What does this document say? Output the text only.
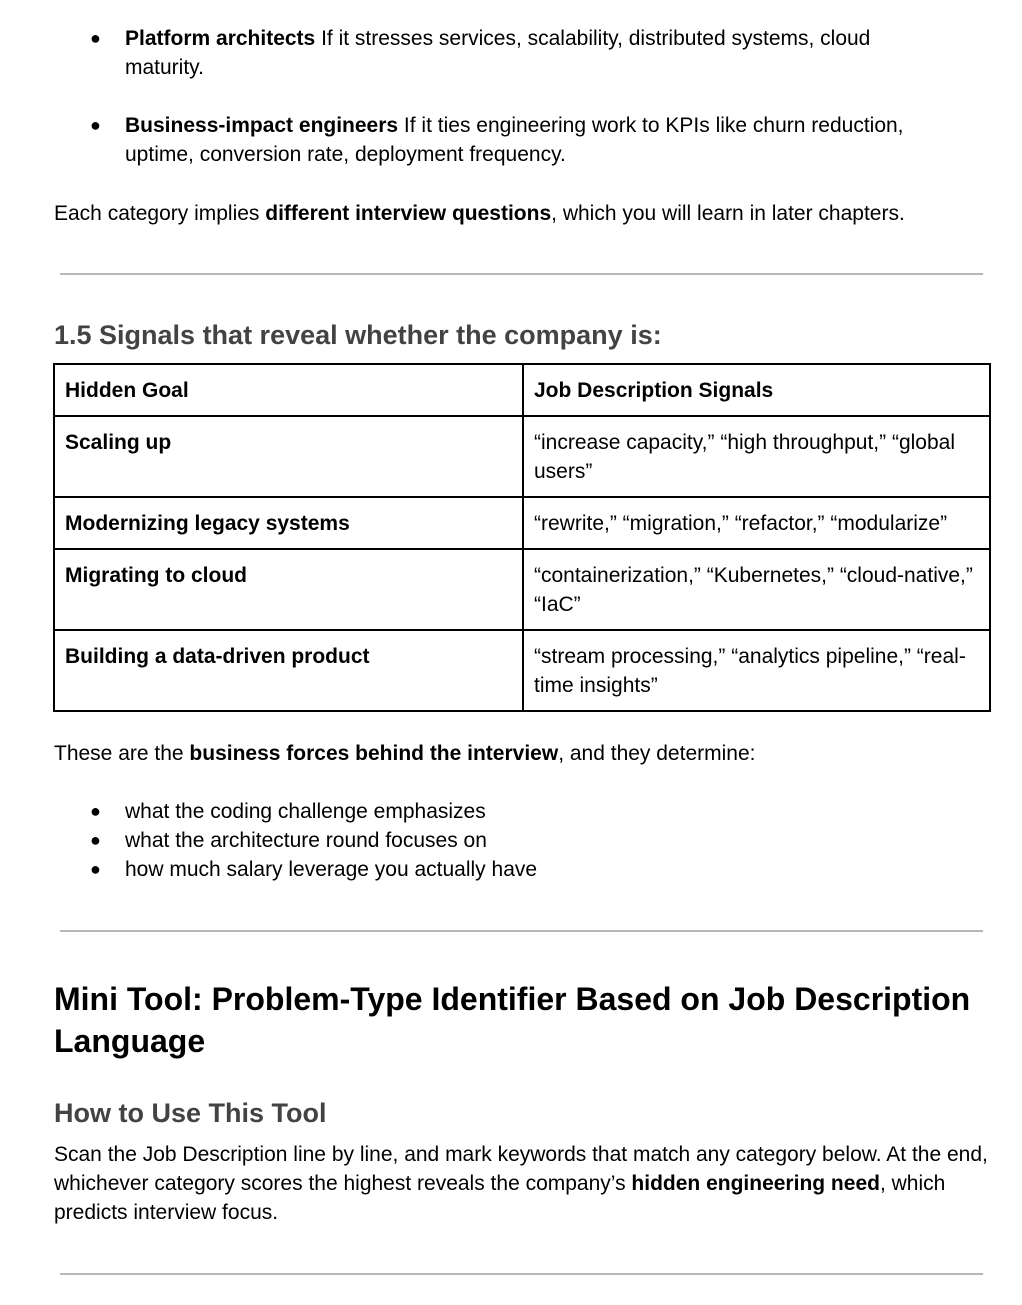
● Platform architects If it stresses services, scalability, distributed systems, cloud maturity.
● Business-impact engineers If it ties engineering work to KPIs like churn reduction, uptime, conversion rate, deployment frequency.

Each category implies different interview questions, which you will learn in later chapters.

1.5 Signals that reveal whether the company is:
Hidden Goal	Job Description Signals
Scaling up	“increase capacity,” “high throughput,” “global users”
Modernizing legacy systems	“rewrite,” “migration,” “refactor,” “modularize”
Migrating to cloud	“containerization,” “Kubernetes,” “cloud-native,” “IaC”
Building a data-driven product	“stream processing,” “analytics pipeline,” “real-time insights”

These are the business forces behind the interview, and they determine:

● what the coding challenge emphasizes
● what the architecture round focuses on
● how much salary leverage you actually have
Mini Tool: Problem-Type Identifier Based on Job Description Language
How to Use This Tool

Scan the Job Description line by line, and mark keywords that match any category below. At the end, whichever category scores the highest reveals the company’s hidden engineering need, which predicts interview focus.
